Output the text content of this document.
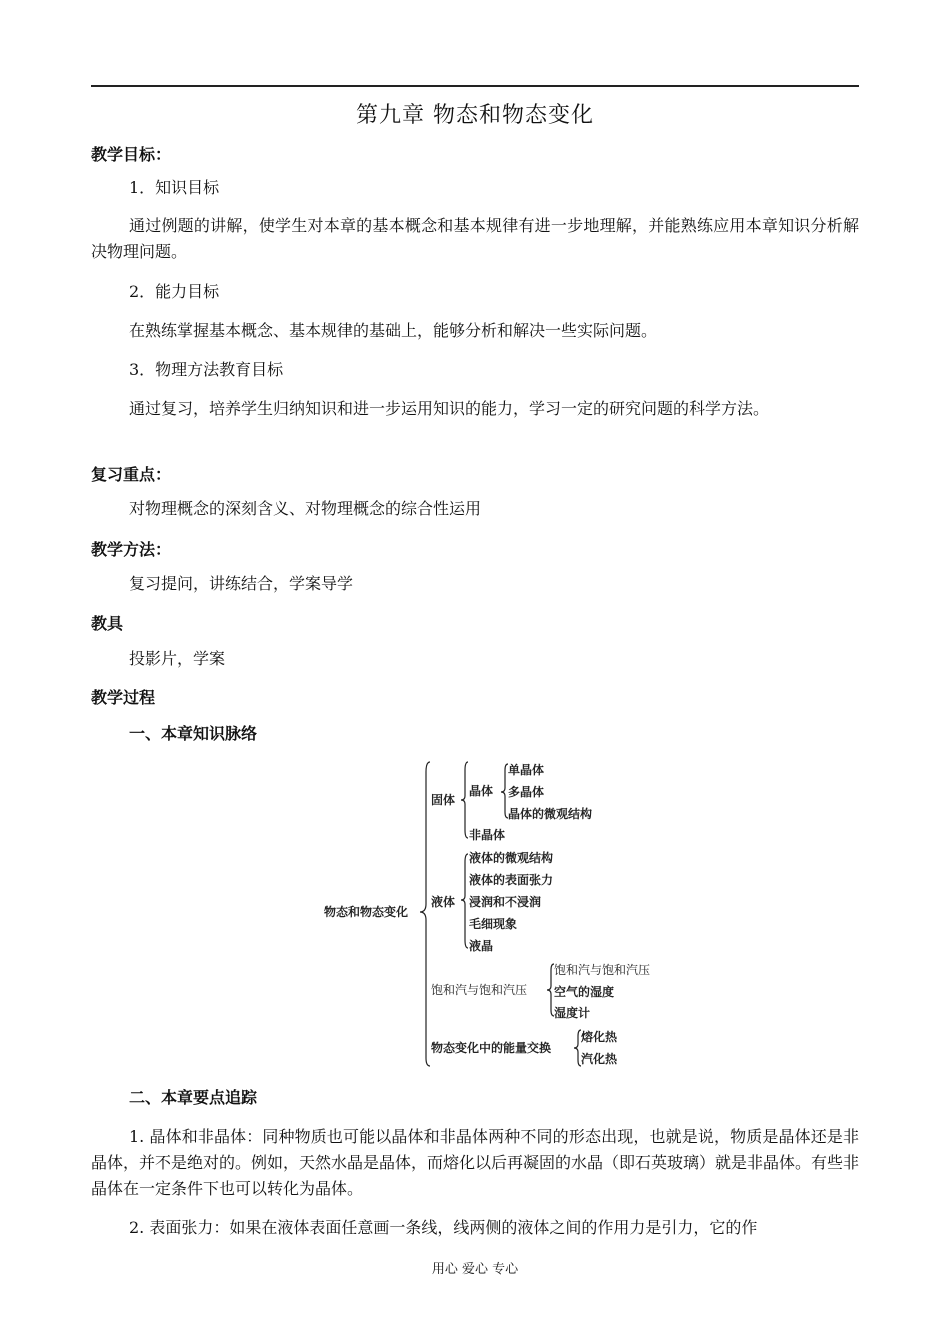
第九章 物态和物态变化
教学目标：
1．知识目标
通过例题的讲解，使学生对本章的基本概念和基本规律有进一步地理解，并能熟练应用本章知识分析解决物理问题。
2．能力目标
在熟练掌握基本概念、基本规律的基础上，能够分析和解决一些实际问题。
3．物理方法教育目标
通过复习，培养学生归纳知识和进一步运用知识的能力，学习一定的研究问题的科学方法。
复习重点：
对物理概念的深刻含义、对物理概念的综合性运用
教学方法：
复习提问，讲练结合，学案导学
教具
投影片，学案
教学过程
一、本章知识脉络
物态和物态变化
固体
晶体
单晶体
多晶体
晶体的微观结构
非晶体
液体
液体的微观结构
液体的表面张力
浸润和不浸润
毛细现象
液晶
饱和汽与饱和汽压
饱和汽与饱和汽压
空气的湿度
湿度计
物态变化中的能量交换
熔化热
汽化热
二、本章要点追踪
1. 晶体和非晶体：同种物质也可能以晶体和非晶体两种不同的形态出现，也就是说，物质是晶体还是非晶体，并不是绝对的。例如，天然水晶是晶体，而熔化以后再凝固的水晶（即石英玻璃）就是非晶体。有些非晶体在一定条件下也可以转化为晶体。
2. 表面张力：如果在液体表面任意画一条线，线两侧的液体之间的作用力是引力，它的作
用心 爱心 专心
